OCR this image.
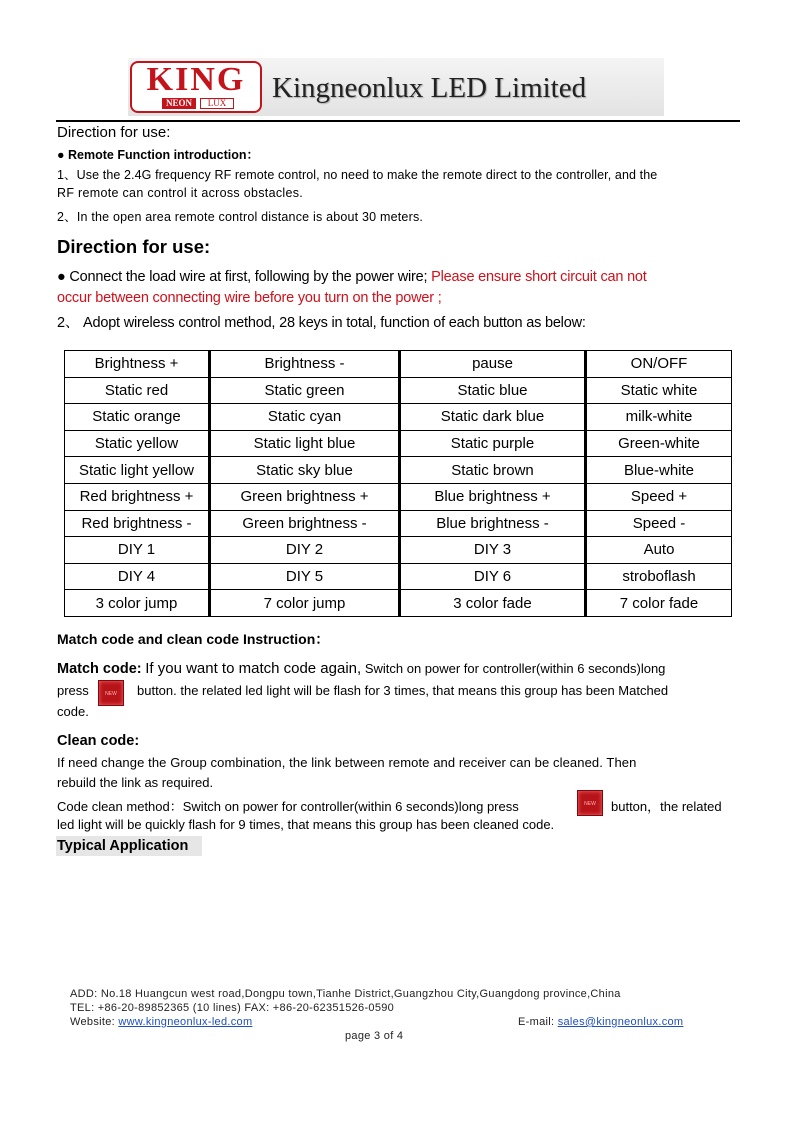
KING
NEON	LUX Kingneonlux LED Limited
Direction for use:
● Remote Function introduction：
1、Use the 2.4G frequency RF remote control, no need to make the remote direct to the controller, and the
RF remote can control it across obstacles.
2、In the open area remote control distance is about 30 meters.
Direction for use:
● Connect the load wire at first, following by the power wire; Please ensure short circuit can not
occur between connecting wire before you turn on the power ;
2、 Adopt wireless control method, 28 keys in total, function of each button as below:
Brightness +	Brightness -	pause	ON/OFF
Static red	Static green	Static blue	Static white
Static orange	Static cyan	Static dark blue	milk-white
Static yellow	Static light blue	Static purple	Green-white
Static light yellow	Static sky blue	Static brown	Blue-white
Red brightness +	Green brightness +	Blue brightness +	Speed +
Red brightness -	Green brightness -	Blue brightness -	Speed -
DIY 1	DIY 2	DIY 3	Auto
DIY 4	DIY 5	DIY 6	stroboflash
3 color jump	7 color jump	3 color fade	7 color fade
Match code and clean code Instruction：
Match code: If you want to match code again, Switch on power for controller(within 6 seconds)long
press	NEW	button. the related led light will be flash for 3 times, that means this group has been Matched
code.
Clean code:
If need change the Group combination, the link between remote and receiver can be cleaned. Then
rebuild the link as required.
Code clean method：Switch on power for controller(within 6 seconds)long press	NEW	button，the related
led light will be quickly flash for 9 times, that means this group has been cleaned code.
Typical Application
ADD: No.18 Huangcun west road,Dongpu town,Tianhe District,Guangzhou City,Guangdong province,China
TEL: +86-20-89852365 (10 lines) FAX: +86-20-62351526-0590
Website: www.kingneonlux-led.com	E-mail: sales@kingneonlux.com
page 3 of 4
